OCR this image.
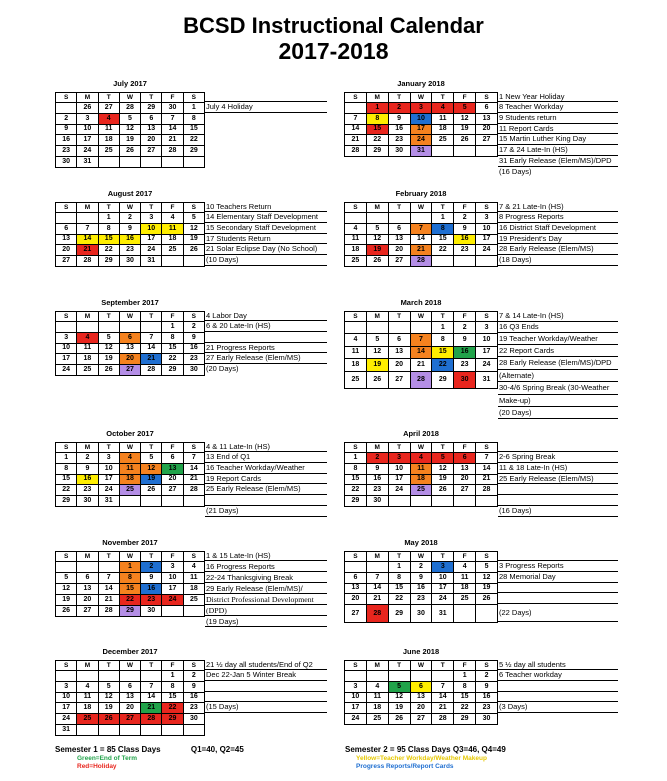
BCSD Instructional Calendar
2017-2018
July 2017
S	M	T	W	T	F	S
	26	27	28	29	30	1
2	3	4	5	6	7	8
9	10	11	12	13	14	15
16	17	18	19	20	21	22
23	24	25	26	27	28	29
30	31					
July 4 Holiday
January 2018
S	M	T	W	T	F	S
	1	2	3	4	5	6
7	8	9	10	11	12	13
14	15	16	17	18	19	20
21	22	23	24	25	26	27
28	29	30	31			
1 New Year Holiday
8 Teacher Workday
9 Students return
11 Report Cards
15 Martin Luther King Day
17 & 24 Late-In (HS)
31 Early Release (Elem/MS)/DPD
(16 Days)
August 2017
S	M	T	W	T	F	S
		1	2	3	4	5
6	7	8	9	10	11	12
13	14	15	16	17	18	19
20	21	22	23	24	25	26
27	28	29	30	31		
10 Teachers Return
14 Elementary Staff Development
15 Secondary Staff Development
17 Students Return
21 Solar Eclipse Day (No School)
(10 Days)
February 2018
S	M	T	W	T	F	S
				1	2	3
4	5	6	7	8	9	10
11	12	13	14	15	16	17
18	19	20	21	22	23	24
25	26	27	28			
7 & 21 Late-In (HS)
8 Progress Reports
16 District Staff Development
19 President's Day
28 Early Release (Elem/MS)
(18 Days)
September 2017
S	M	T	W	T	F	S
					1	2
3	4	5	6	7	8	9
10	11	12	13	14	15	16
17	18	19	20	21	22	23
24	25	26	27	28	29	30
4 Labor Day
6 & 20 Late-In (HS)
21 Progress Reports
27 Early Release (Elem/MS)
(20 Days)
March 2018
S	M	T	W	T	F	S
				1	2	3
4	5	6	7	8	9	10
11	12	13	14	15	16	17
18	19	20	21	22	23	24
25	26	27	28	29	30	31
7 & 14 Late-In (HS)
16 Q3 Ends
19 Teacher Workday/Weather
22 Report Cards
28 Early Release (Elem/MS)/DPD
(Alternate)
30-4/6 Spring Break (30-Weather
Make-up)
(20 Days)
October 2017
S	M	T	W	T	F	S
1	2	3	4	5	6	7
8	9	10	11	12	13	14
15	16	17	18	19	20	21
22	23	24	25	26	27	28
29	30	31				
4 & 11 Late-In (HS)
13 End of Q1
16 Teacher Workday/Weather
19 Report Cards
25 Early Release (Elem/MS)
(21 Days)
April 2018
S	M	T	W	T	F	S
1	2	3	4	5	6	7
8	9	10	11	12	13	14
15	16	17	18	19	20	21
22	23	24	25	26	27	28
29	30					
2-6 Spring Break
11 & 18 Late-In (HS)
25 Early Release (Elem/MS)
(16 Days)
November 2017
S	M	T	W	T	F	S
			1	2	3	4
5	6	7	8	9	10	11
12	13	14	15	16	17	18
19	20	21	22	23	24	25
26	27	28	29	30		
1 & 15 Late-In (HS)
16 Progress Reports
22-24 Thanksgiving Break
29 Early Release (Elem/MS)/
District Professional Development
(DPD)
(19 Days)
May 2018
S	M	T	W	T	F	S
		1	2	3	4	5
6	7	8	9	10	11	12
13	14	15	16	17	18	19
20	21	22	23	24	25	26
27	28	29	30	31		
3 Progress Reports
28 Memorial Day
(22 Days)
December 2017
S	M	T	W	T	F	S
					1	2
3	4	5	6	7	8	9
10	11	12	13	14	15	16
17	18	19	20	21	22	23
24	25	26	27	28	29	30
31						
21 ½ day all students/End of Q2
Dec 22-Jan 5 Winter Break
(15 Days)
June 2018
S	M	T	W	T	F	S
					1	2
3	4	5	6	7	8	9
10	11	12	13	14	15	16
17	18	19	20	21	22	23
24	25	26	27	28	29	30
5 ½ day all students
6 Teacher workday
(3 Days)
Semester 1 = 85 Class Days	Q1=40, Q2=45
Green=End of Term
Red=Holiday
Semester 2 = 95 Class Days Q3=46, Q4=49
Yellow=Teacher Workday/Weather Makeup
Progress Reports/Report Cards
